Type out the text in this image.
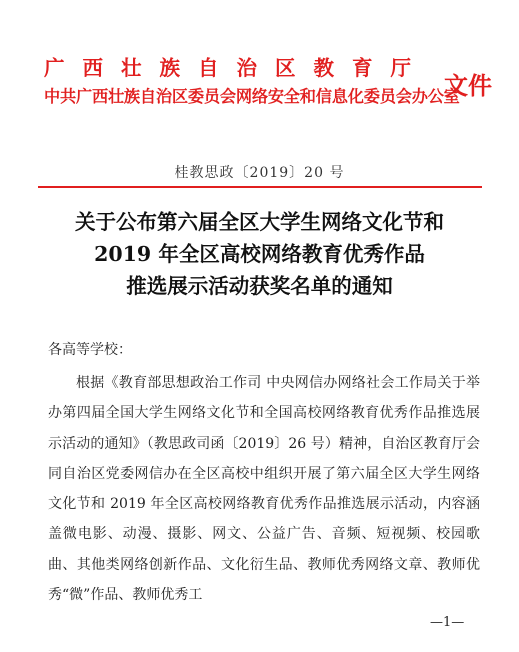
广西壮族自治区教育厅
中共广西壮族自治区委员会网络安全和信息化委员会办公室
文件
桂教思政〔2019〕20 号
关于公布第六届全区大学生网络文化节和
2019 年全区高校网络教育优秀作品
推选展示活动获奖名单的通知
各高等学校：
根据《教育部思想政治工作司 中央网信办网络社会工作局关于举办第四届全国大学生网络文化节和全国高校网络教育优秀作品推选展示活动的通知》（教思政司函〔2019〕26 号）精神，自治区教育厅会同自治区党委网信办在全区高校中组织开展了第六届全区大学生网络文化节和 2019 年全区高校网络教育优秀作品推选展示活动，内容涵盖微电影、动漫、摄影、网文、公益广告、音频、短视频、校园歌曲、其他类网络创新作品、文化衍生品、教师优秀网络文章、教师优秀“微”作品、教师优秀工
—1—
